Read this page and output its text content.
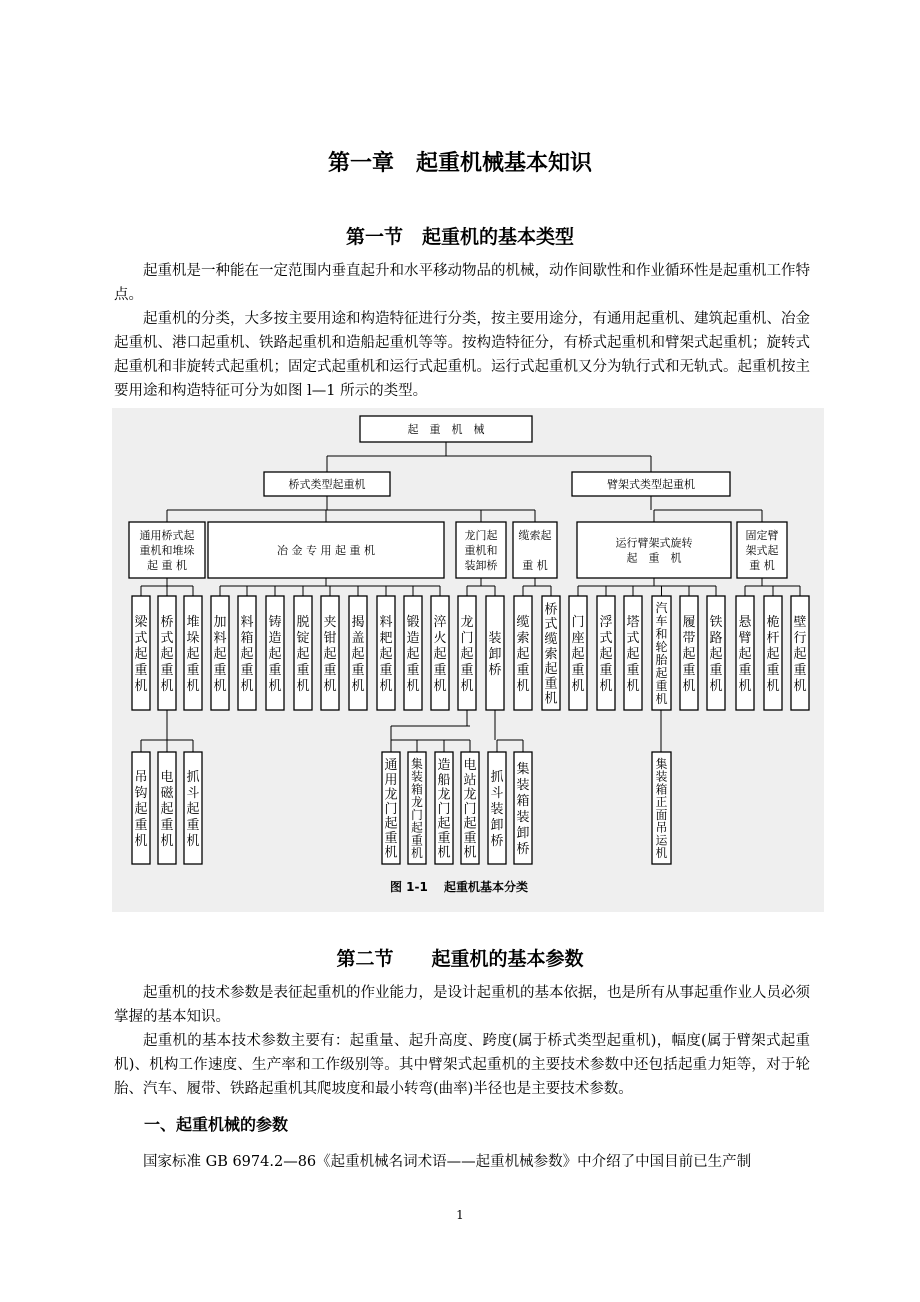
第一章　起重机械基本知识
第一节　起重机的基本类型

起重机是一种能在一定范围内垂直起升和水平移动物品的机械，动作间歇性和作业循环性是起重机工作特点。

起重机的分类，大多按主要用途和构造特征进行分类，按主要用途分，有通用起重机、建筑起重机、冶金起重机、港口起重机、铁路起重机和造船起重机等等。按构造特征分，有桥式起重机和臂架式起重机；旋转式起重机和非旋转式起重机；固定式起重机和运行式起重机。运行式起重机又分为轨行式和无轨式。起重机按主要用途和构造特征可分为如图 l—1 所示的类型。

起　重　机　械
桥式类型起重机	臂架式类型起重机
通用桥式起
重机和堆垛
起 重 机
冶 金 专 用 起 重 机
龙门起
重机和
装卸桥
缆索起
重 机
运行臂架式旋转
起　重　机
固定臂
架式起
重 机
梁
式
起
重
机
桥
式
起
重
机
堆
垛
起
重
机
加
料
起
重
机
料
箱
起
重
机
铸
造
起
重
机
脱
锭
起
重
机
夹
钳
起
重
机
揭
盖
起
重
机
料
耙
起
重
机
锻
造
起
重
机
淬
火
起
重
机
龙
门
起
重
机
装
卸
桥
缆
索
起
重
机
桥
式
缆
索
起
重
机
门
座
起
重
机
浮
式
起
重
机
塔
式
起
重
机
汽
车
和
轮
胎
起
重
机
履
带
起
重
机
铁
路
起
重
机
悬
臂
起
重
机
桅
杆
起
重
机
壁
行
起
重
机
吊
钩
起
重
机
电
磁
起
重
机
抓
斗
起
重
机
通
用
龙
门
起
重
机
集
装
箱
龙
门
起
重
机
造
船
龙
门
起
重
机
电
站
龙
门
起
重
机
抓
斗
装
卸
桥
集
装
箱
装
卸
桥
集
装
箱
正
面
吊
运
机
图 1-1　 起重机基本分类
第二节　　起重机的基本参数

起重机的技术参数是表征起重机的作业能力，是设计起重机的基本依据，也是所有从事起重作业人员必须掌握的基本知识。

起重机的基本技术参数主要有：起重量、起升高度、跨度(属于桥式类型起重机)，幅度(属于臂架式起重机)、机构工作速度、生产率和工作级别等。其中臂架式起重机的主要技术参数中还包括起重力矩等，对于轮胎、汽车、履带、铁路起重机其爬坡度和最小转弯(曲率)半径也是主要技术参数。

一、起重机械的参数

国家标准 GB 6974.2—86《起重机械名词术语——起重机械参数》中介绍了中国目前已生产制

1
